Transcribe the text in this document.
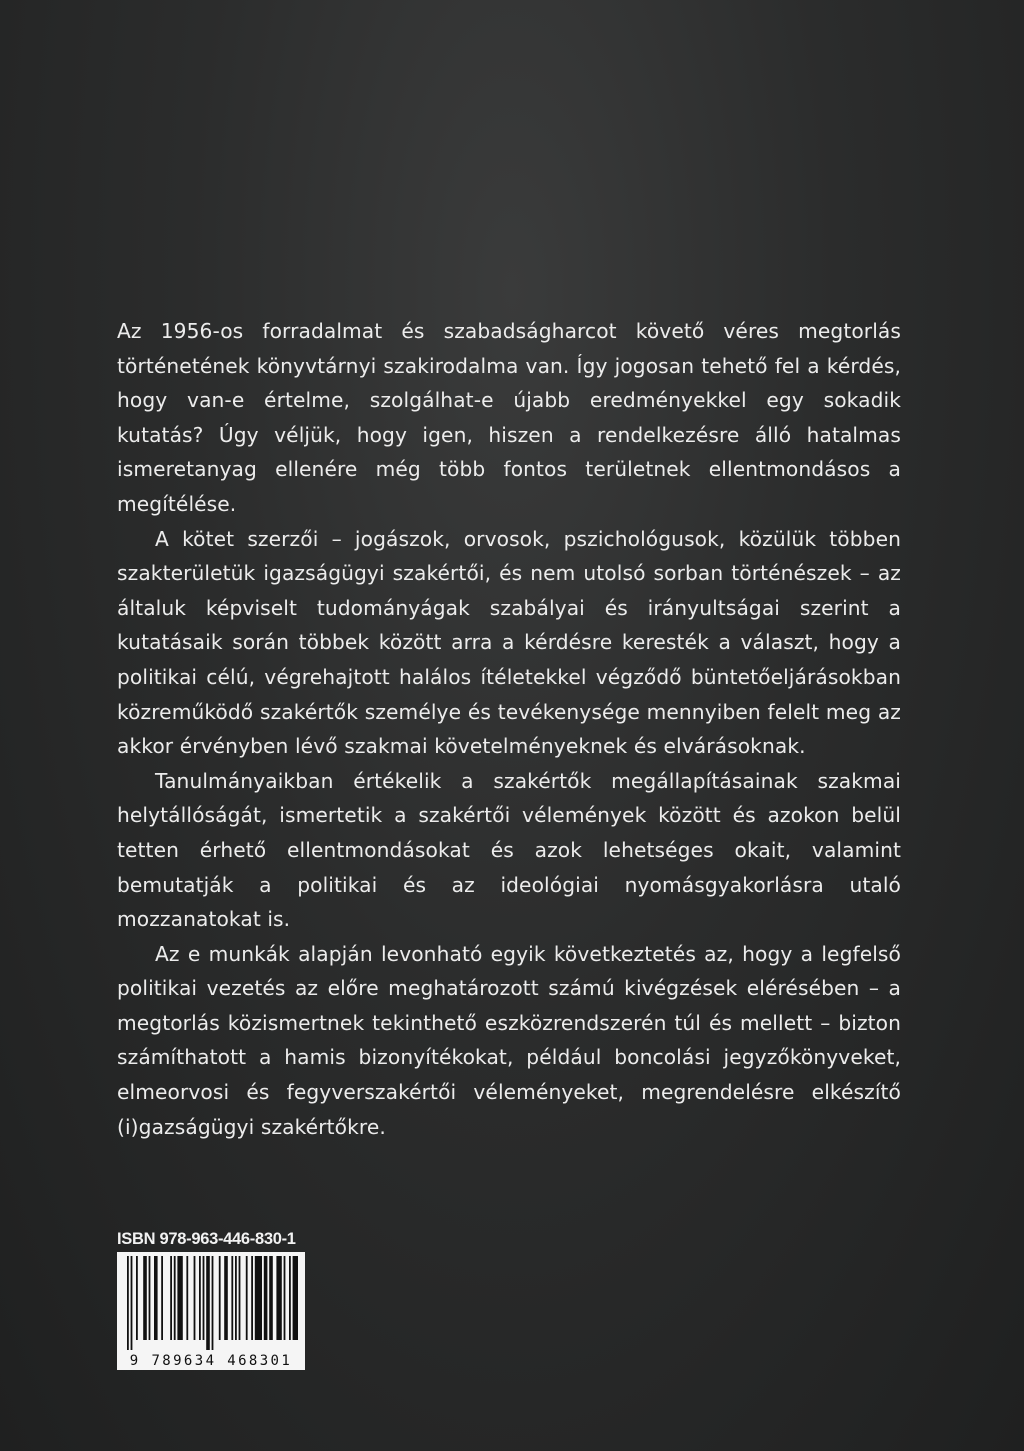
Az 1956-os forradalmat és szabadságharcot követő véres megtorlás történetének könyvtárnyi szakirodalma van. Így jogosan tehető fel a kérdés, hogy van-e értelme, szolgálhat-e újabb eredményekkel egy sokadik kutatás? Úgy véljük, hogy igen, hiszen a rendelkezésre álló hatalmas ismeretanyag ellenére még több fontos területnek ellentmondásos a megítélése.

A kötet szerzői – jogászok, orvosok, pszichológusok, közülük többen szakterületük igazságügyi szakértői, és nem utolsó sorban történészek – az általuk képviselt tudományágak szabályai és irányultságai szerint a kutatásaik során többek között arra a kérdésre keresték a választ, hogy a politikai célú, végrehajtott halálos ítéletekkel végződő büntetőeljárásokban közreműködő szakértők személye és tevékenysége mennyiben felelt meg az akkor érvényben lévő szakmai követelményeknek és elvárásoknak.

Tanulmányaikban értékelik a szakértők megállapításainak szakmai helytállóságát, ismertetik a szakértői vélemények között és azokon belül tetten érhető ellentmondásokat és azok lehetséges okait, valamint bemutatják a politikai és az ideológiai nyomásgyakorlásra utaló mozzanatokat is.

Az e munkák alapján levonható egyik következtetés az, hogy a legfelső politikai vezetés az előre meghatározott számú kivégzések elérésében – a megtorlás közismertnek tekinthető eszközrendszerén túl és mellett – bizton számíthatott a hamis bizonyítékokat, például boncolási jegyzőkönyveket, elmeorvosi és fegyverszakértői véleményeket, megrendelésre elkészítő (i)gazságügyi szakértőkre.

ISBN 978-963-446-830-1
9 789634 468301
